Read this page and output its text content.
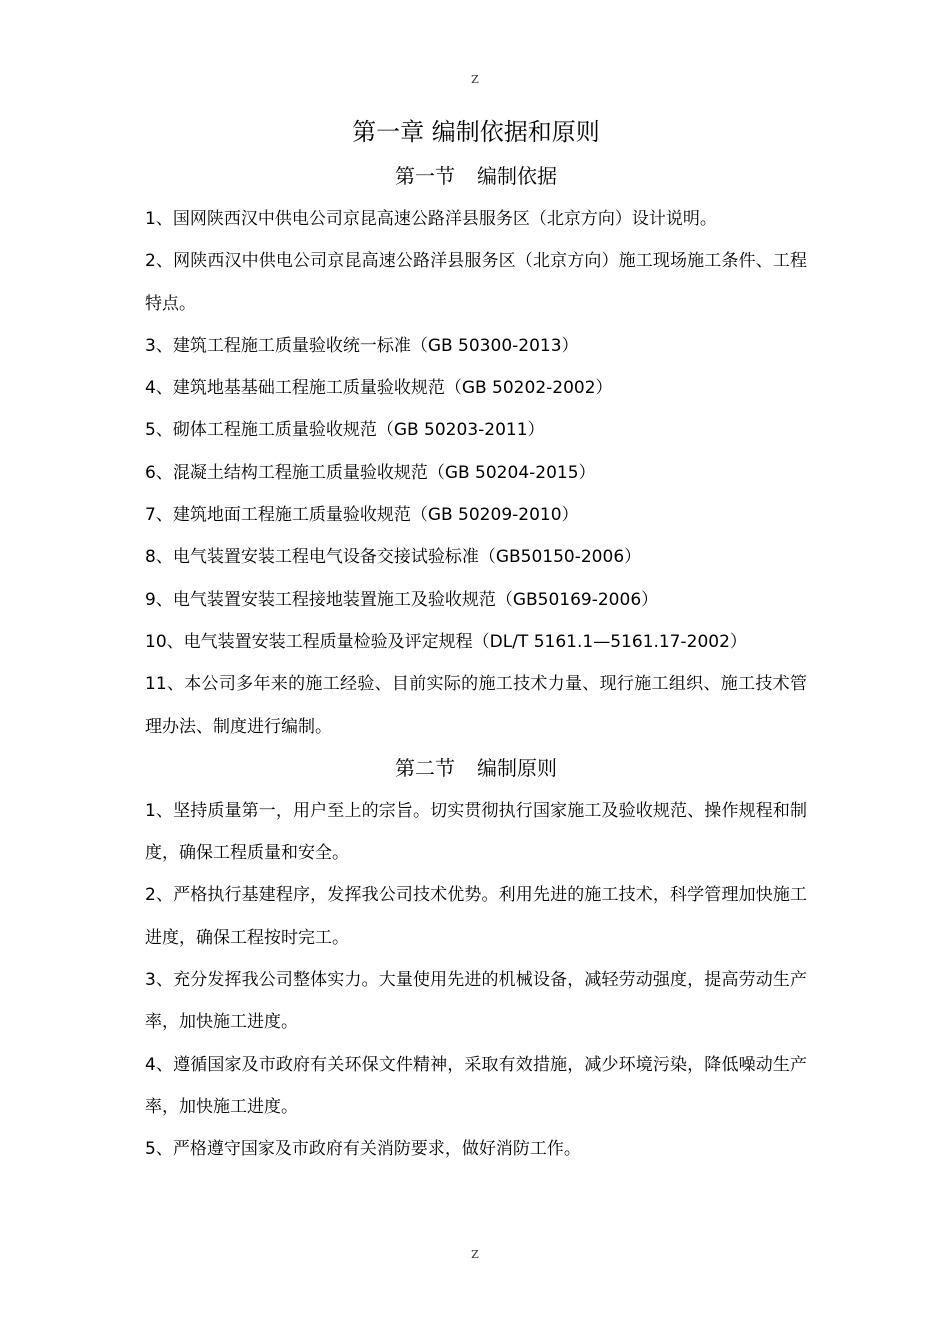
Z
第一章 编制依据和原则
第一节 编制依据

1、国网陕西汉中供电公司京昆高速公路洋县服务区（北京方向）设计说明。

2、网陕西汉中供电公司京昆高速公路洋县服务区（北京方向）施工现场施工条件、工程特点。

3、建筑工程施工质量验收统一标准（GB 50300-2013）

4、建筑地基基础工程施工质量验收规范（GB 50202-2002）

5、砌体工程施工质量验收规范（GB 50203-2011）

6、混凝土结构工程施工质量验收规范（GB 50204-2015）

7、建筑地面工程施工质量验收规范（GB 50209-2010）

8、电气装置安装工程电气设备交接试验标准（GB50150-2006）

9、电气装置安装工程接地装置施工及验收规范（GB50169-2006）

10、电气装置安装工程质量检验及评定规程（DL/T 5161.1—5161.17-2002）

11、本公司多年来的施工经验、目前实际的施工技术力量、现行施工组织、施工技术管理办法、制度进行编制。

第二节 编制原则

1、坚持质量第一，用户至上的宗旨。切实贯彻执行国家施工及验收规范、操作规程和制度，确保工程质量和安全。

2、严格执行基建程序，发挥我公司技术优势。利用先进的施工技术，科学管理加快施工进度，确保工程按时完工。

3、充分发挥我公司整体实力。大量使用先进的机械设备，减轻劳动强度，提高劳动生产率，加快施工进度。

4、遵循国家及市政府有关环保文件精神，采取有效措施，减少环境污染，降低噪动生产率，加快施工进度。

5、严格遵守国家及市政府有关消防要求，做好消防工作。

Z
